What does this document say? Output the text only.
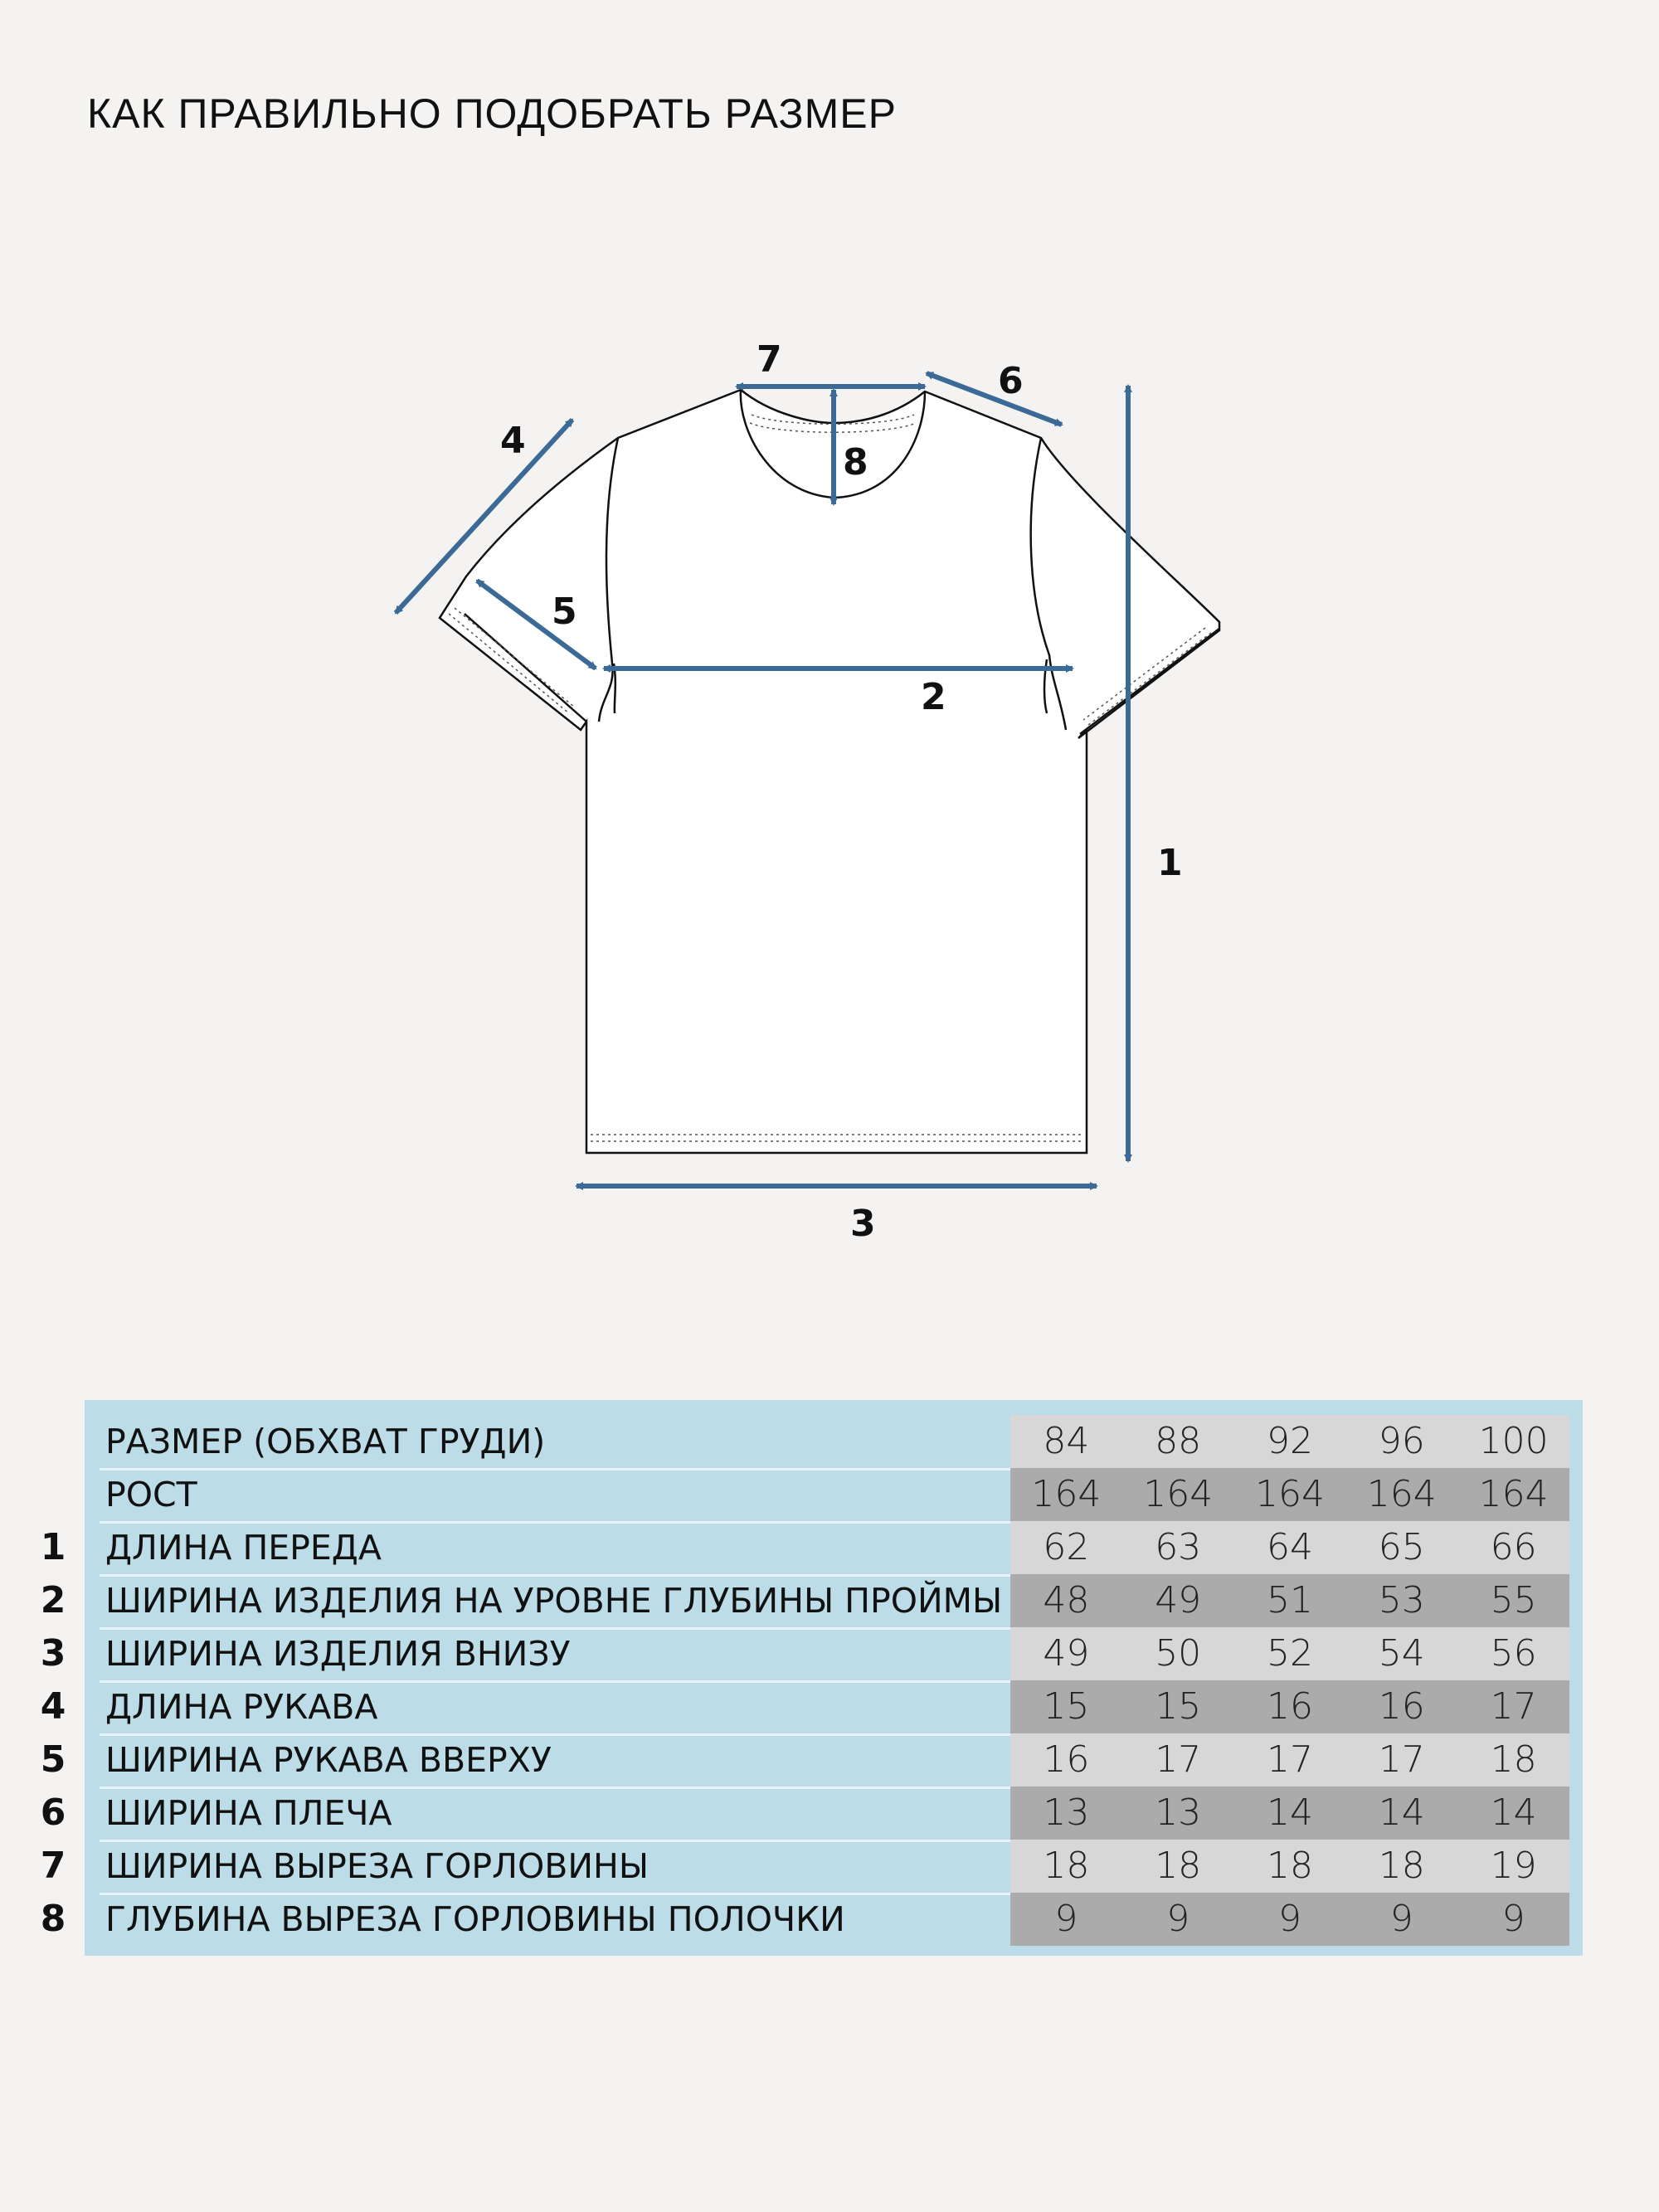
КАК ПРАВИЛЬНО ПОДОБРАТЬ РАЗМЕР
1
2
3
4
5
6
7
8
РАЗМЕР (ОБХВАТ ГРУДИ)	84	88	92	96	100
РОСТ	164	164	164	164	164
1 ДЛИНА ПЕРЕДА	62	63	64	65	66
2 ШИРИНА ИЗДЕЛИЯ НА УРОВНЕ ГЛУБИНЫ ПРОЙМЫ	48	49	51	53	55
3 ШИРИНА ИЗДЕЛИЯ ВНИЗУ	49	50	52	54	56
4 ДЛИНА РУКАВА	15	15	16	16	17
5 ШИРИНА РУКАВА ВВЕРХУ	16	17	17	17	18
6 ШИРИНА ПЛЕЧА	13	13	14	14	14
7 ШИРИНА ВЫРЕЗА ГОРЛОВИНЫ	18	18	18	18	19
8 ГЛУБИНА ВЫРЕЗА ГОРЛОВИНЫ ПОЛОЧКИ	9	9	9	9	9
